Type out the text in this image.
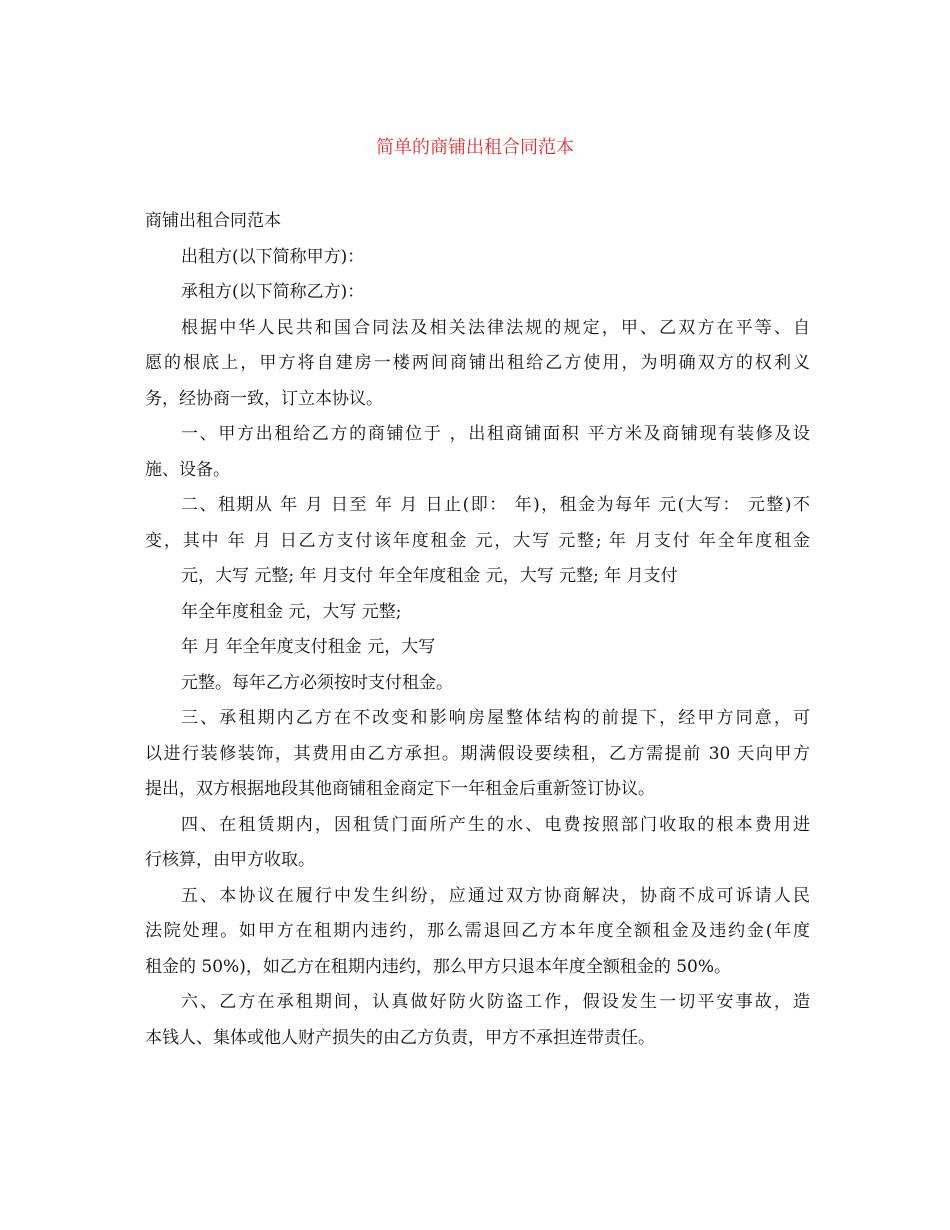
简单的商铺出租合同范本
商铺出租合同范本
出租方(以下简称甲方)：
承租方(以下简称乙方)：
根据中华人民共和国合同法及相关法律法规的规定，甲、乙双方在平等、自
愿的根底上，甲方将自建房一楼两间商铺出租给乙方使用，为明确双方的权利义
务，经协商一致，订立本协议。
一、甲方出租给乙方的商铺位于 ，出租商铺面积 平方米及商铺现有装修及设
施、设备。
二、租期从 年 月 日至 年 月 日止(即： 年)，租金为每年 元(大写： 元整)不
变，其中 年 月 日乙方支付该年度租金 元，大写 元整; 年 月支付 年全年度租金
元，大写 元整; 年 月支付 年全年度租金 元，大写 元整; 年 月支付
年全年度租金 元，大写 元整;
年 月 年全年度支付租金 元，大写
元整。每年乙方必须按时支付租金。
三、承租期内乙方在不改变和影响房屋整体结构的前提下，经甲方同意，可
以进行装修装饰，其费用由乙方承担。期满假设要续租，乙方需提前 30 天向甲方
提出，双方根据地段其他商铺租金商定下一年租金后重新签订协议。
四、在租赁期内，因租赁门面所产生的水、电费按照部门收取的根本费用进
行核算，由甲方收取。
五、本协议在履行中发生纠纷，应通过双方协商解决，协商不成可诉请人民
法院处理。如甲方在租期内违约，那么需退回乙方本年度全额租金及违约金(年度
租金的 50%)，如乙方在租期内违约，那么甲方只退本年度全额租金的 50%。
六、乙方在承租期间，认真做好防火防盗工作，假设发生一切平安事故，造
本钱人、集体或他人财产损失的由乙方负责，甲方不承担连带责任。
